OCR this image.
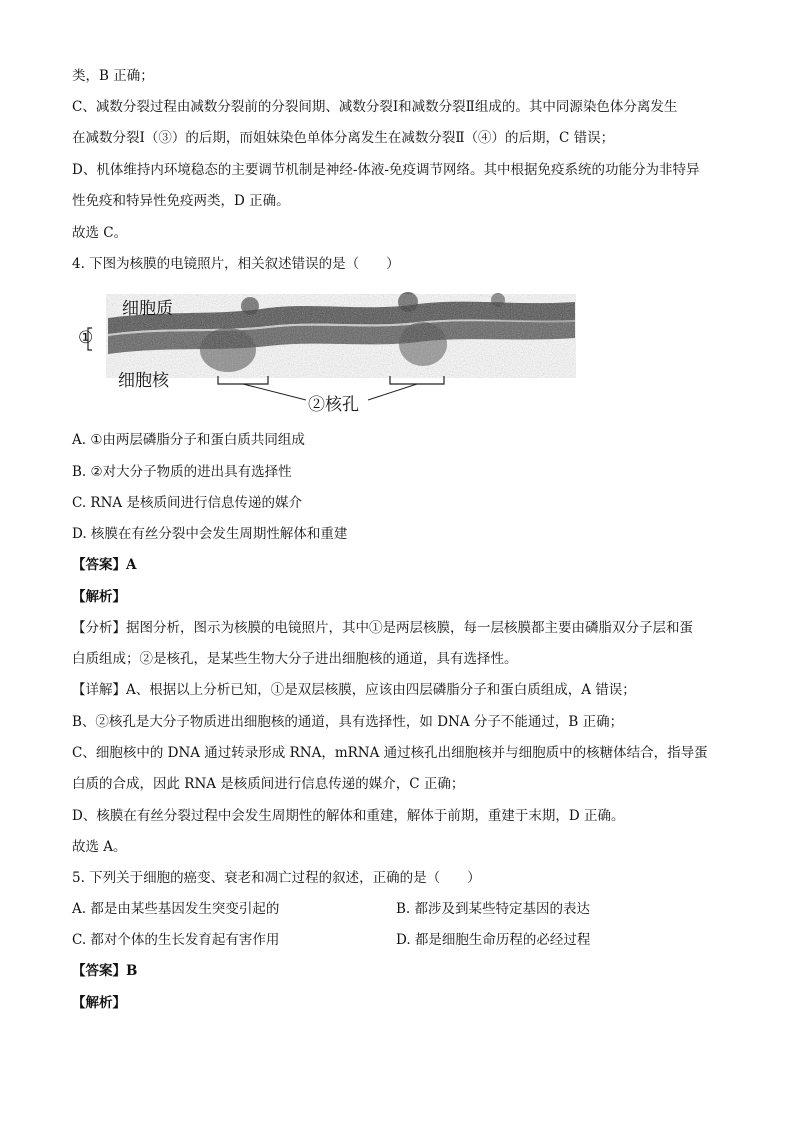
类，B 正确；
C、减数分裂过程由减数分裂前的分裂间期、减数分裂Ⅰ和减数分裂Ⅱ组成的。其中同源染色体分离发生
在减数分裂Ⅰ（③）的后期，而姐妹染色单体分离发生在减数分裂Ⅱ（④）的后期，C 错误；
D、机体维持内环境稳态的主要调节机制是神经-体液-免疫调节网络。其中根据免疫系统的功能分为非特异
性免疫和特异性免疫两类，D 正确。
故选 C。
4. 下图为核膜的电镜照片，相关叙述错误的是（　　）
细胞质
①
细胞核
②核孔
A. ①由两层磷脂分子和蛋白质共同组成
B. ②对大分子物质的进出具有选择性
C. RNA 是核质间进行信息传递的媒介
D. 核膜在有丝分裂中会发生周期性解体和重建
【答案】A
【解析】
【分析】据图分析，图示为核膜的电镜照片，其中①是两层核膜，每一层核膜都主要由磷脂双分子层和蛋
白质组成；②是核孔，是某些生物大分子进出细胞核的通道，具有选择性。
【详解】A、根据以上分析已知，①是双层核膜，应该由四层磷脂分子和蛋白质组成，A 错误；
B、②核孔是大分子物质进出细胞核的通道，具有选择性，如 DNA 分子不能通过，B 正确；
C、细胞核中的 DNA 通过转录形成 RNA，mRNA 通过核孔出细胞核并与细胞质中的核糖体结合，指导蛋
白质的合成，因此 RNA 是核质间进行信息传递的媒介，C 正确；
D、核膜在有丝分裂过程中会发生周期性的解体和重建，解体于前期，重建于末期，D 正确。
故选 A。
5. 下列关于细胞的癌变、衰老和凋亡过程的叙述，正确的是（　　）
A. 都是由某些基因发生突变引起的	B. 都涉及到某些特定基因的表达
C. 都对个体的生长发育起有害作用	D. 都是细胞生命历程的必经过程
【答案】B
【解析】
